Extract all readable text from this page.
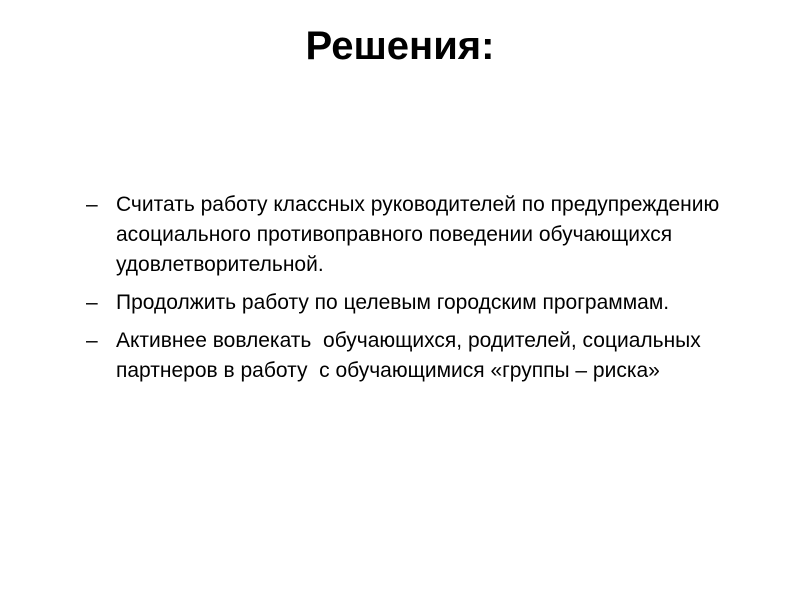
Решения:
– Считать работу классных руководителей по предупреждению асоциального противоправного поведении обучающихся  удовлетворительной.
– Продолжить работу по целевым городским программам.
– Активнее вовлекать  обучающихся, родителей, социальных партнеров в работу  с обучающимися «группы – риска»
